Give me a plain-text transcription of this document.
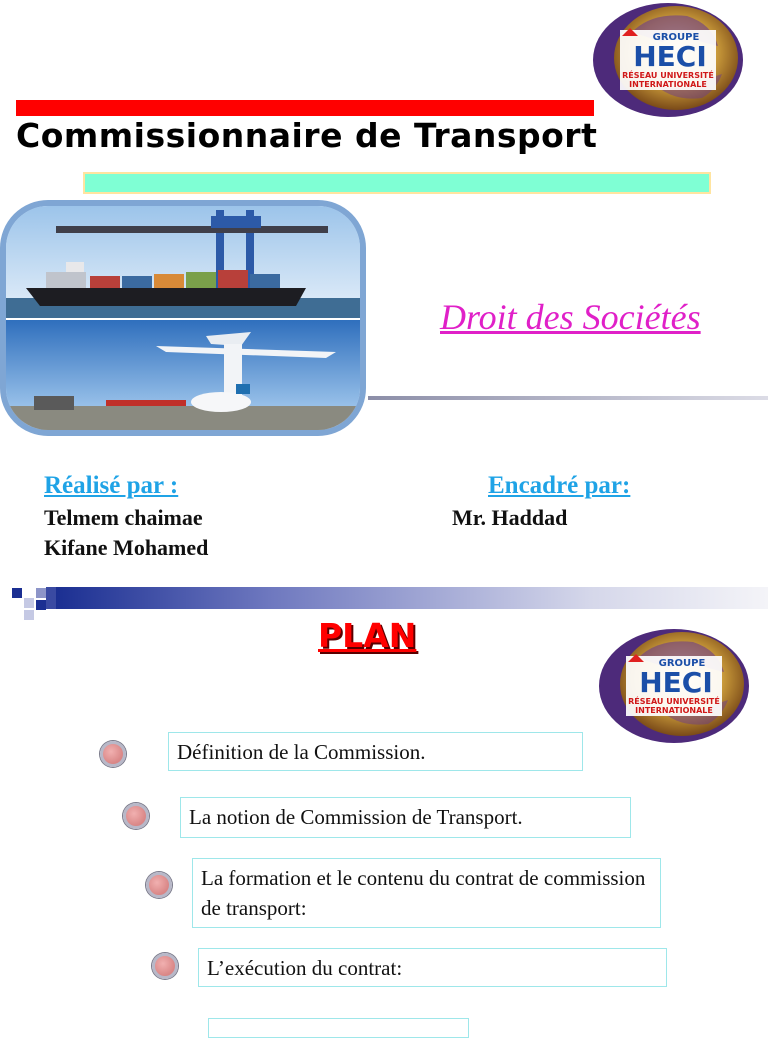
Commissionnaire de Transport
GROUPE
HECI
RÉSEAU UNIVERSITÉ
INTERNATIONALE
Droit des Sociétés
Réalisé par :
Telmem chaimae
Kifane Mohamed
Encadré par:
Mr. Haddad
PLAN
GROUPE
HECI
RÉSEAU UNIVERSITÉ
INTERNATIONALE
Définition de la Commission.
La notion de Commission de Transport.
La formation et le contenu du contrat de commission de transport:
L’exécution du contrat:
